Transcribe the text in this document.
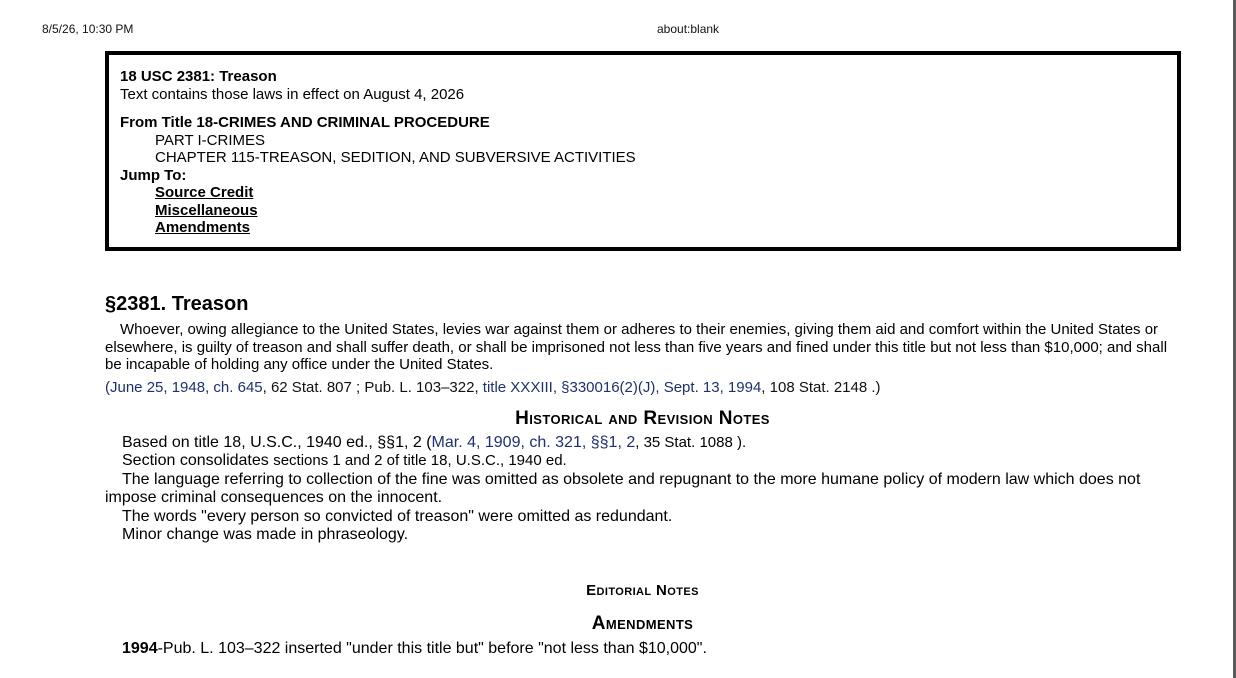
8/5/26, 10:30 PM	about:blank
18 USC 2381: Treason
Text contains those laws in effect on August 4, 2026
From Title 18-CRIMES AND CRIMINAL PROCEDURE
PART I-CRIMES
CHAPTER 115-TREASON, SEDITION, AND SUBVERSIVE ACTIVITIES
Jump To:
Source Credit
Miscellaneous
Amendments
§2381. Treason
Whoever, owing allegiance to the United States, levies war against them or adheres to their enemies, giving them aid and comfort within the United States or elsewhere, is guilty of treason and shall suffer death, or shall be imprisoned not less than five years and fined under this title but not less than $10,000; and shall be incapable of holding any office under the United States.
(June 25, 1948, ch. 645, 62 Stat. 807 ; Pub. L. 103–322, title XXXIII, §330016(2)(J), Sept. 13, 1994, 108 Stat. 2148 .)
Historical and Revision Notes
Based on title 18, U.S.C., 1940 ed., §§1, 2 (Mar. 4, 1909, ch. 321, §§1, 2, 35 Stat. 1088 ).
Section consolidates sections 1 and 2 of title 18, U.S.C., 1940 ed.
The language referring to collection of the fine was omitted as obsolete and repugnant to the more humane policy of modern law which does not impose criminal consequences on the innocent.
The words "every person so convicted of treason" were omitted as redundant.
Minor change was made in phraseology.
Editorial Notes
Amendments
1994-Pub. L. 103–322 inserted "under this title but" before "not less than $10,000".
